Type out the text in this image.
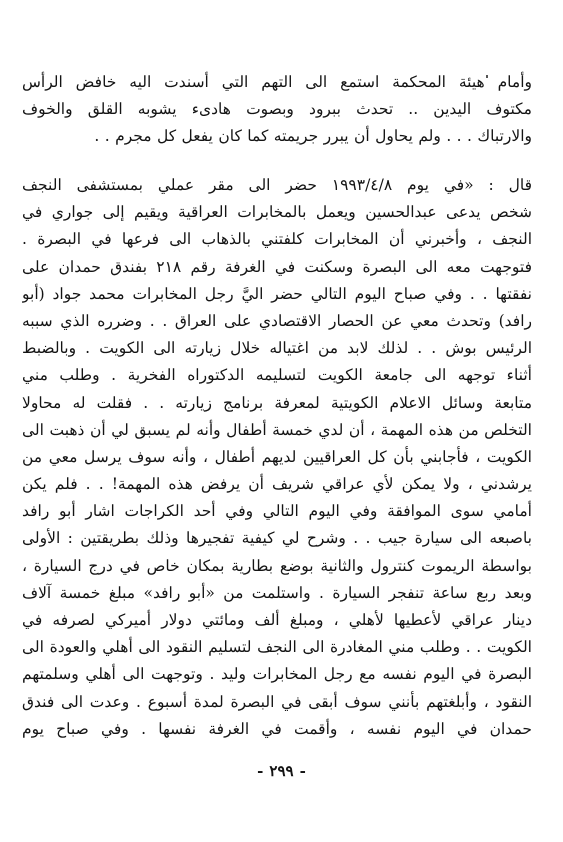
وأمام هيئة المحكمة استمع الى التهم التي أسندت اليه خافض الرأس
مكتوف اليدين .. تحدث ببرود وبصوت هادىء يشوبه القلق والخوف
والارتباك . . . ولم يحاول أن يبرر جريمته كما كان يفعل كل مجرم . .
قال : «في يوم ١٩٩٣/٤/٨ حضر الى مقر عملي بمستشفى النجف
شخص يدعى عبدالحسين ويعمل بالمخابرات العراقية ويقيم إلى جواري في
النجف ، وأخبرني أن المخابرات كلفتني بالذهاب الى فرعها في البصرة .
فتوجهت معه الى البصرة وسكنت في الغرفة رقم ٢١٨ بفندق حمدان على
نفقتها . . وفي صباح اليوم التالي حضر اليَّ رجل المخابرات محمد جواد (أبو
رافد) وتحدث معي عن الحصار الاقتصادي على العراق . . وضرره الذي سببه
الرئيس بوش . . لذلك لابد من اغتياله خلال زيارته الى الكويت . وبالضبط
أثناء توجهه الى جامعة الكويت لتسليمه الدكتوراه الفخرية . وطلب مني
متابعة وسائل الاعلام الكويتية لمعرفة برنامج زيارته . . فقلت له محاولا
التخلص من هذه المهمة ، أن لدي خمسة أطفال وأنه لم يسبق لي أن ذهبت الى
الكويت ، فأجابني بأن كل العراقيين لديهم أطفال ، وأنه سوف يرسل معي من
يرشدني ، ولا يمكن لأي عراقي شريف أن يرفض هذه المهمة! . . فلم يكن
أمامي سوى الموافقة وفي اليوم التالي وفي أحد الكراجات اشار أبو رافد
باصبعه الى سيارة جيب . . وشرح لي كيفية تفجيرها وذلك بطريقتين : الأولى
بواسطة الريموت كنترول والثانية بوضع بطارية بمكان خاص في درج السيارة ،
وبعد ربع ساعة تنفجر السيارة . واستلمت من «أبو رافد» مبلغ خمسة آلاف
دينار عراقي لأعطيها لأهلي ، ومبلغ ألف ومائتي دولار أميركي لصرفه في
الكويت . . وطلب مني المغادرة الى النجف لتسليم النقود الى أهلي والعودة الى
البصرة في اليوم نفسه مع رجل المخابرات وليد . وتوجهت الى أهلي وسلمتهم
النقود ، وأبلغتهم بأنني سوف أبقى في البصرة لمدة أسبوع . وعدت الى فندق
حمدان في اليوم نفسه ، وأقمت في الغرفة نفسها . وفي صباح يوم
-٢٩٩-
